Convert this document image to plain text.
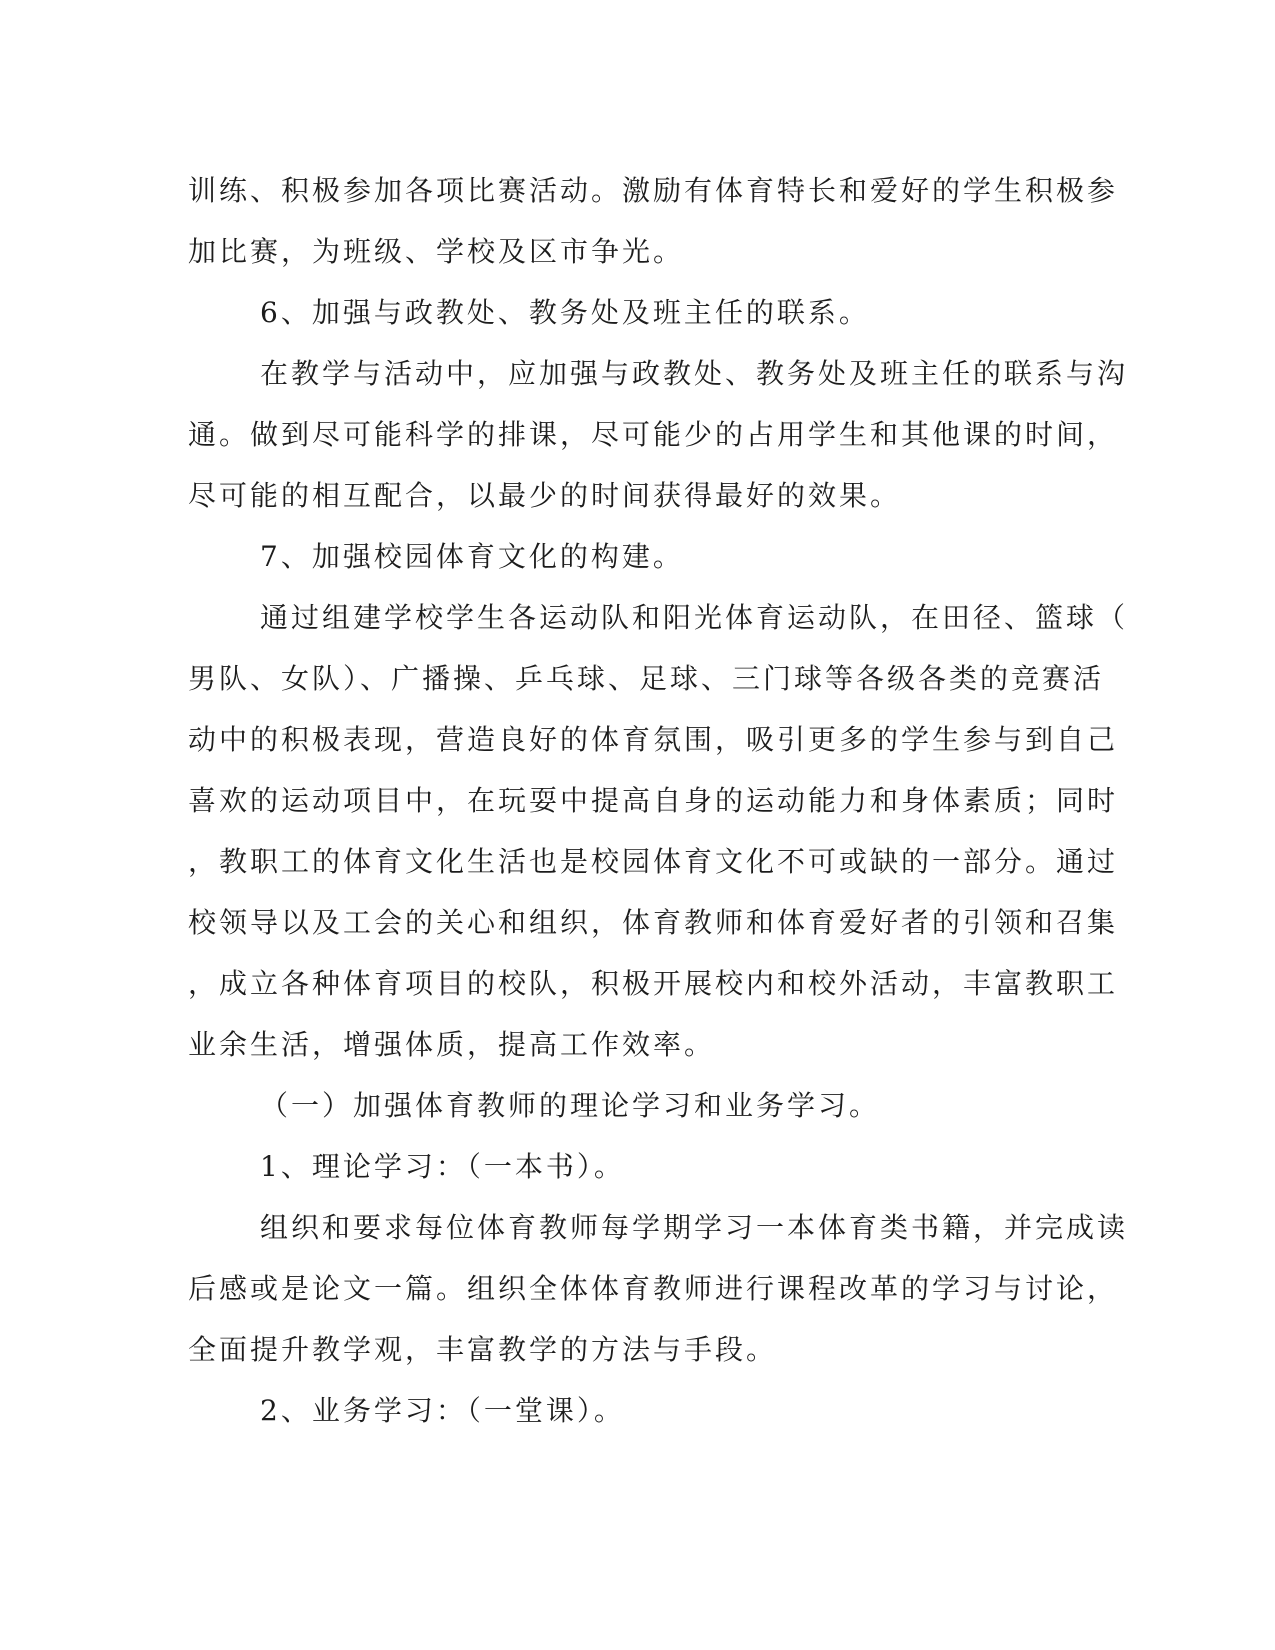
训练、积极参加各项比赛活动。激励有体育特长和爱好的学生积极参
加比赛，为班级、学校及区市争光。
6、加强与政教处、教务处及班主任的联系。
在教学与活动中，应加强与政教处、教务处及班主任的联系与沟
通。做到尽可能科学的排课，尽可能少的占用学生和其他课的时间，
尽可能的相互配合，以最少的时间获得最好的效果。
7、加强校园体育文化的构建。
通过组建学校学生各运动队和阳光体育运动队，在田径、篮球（
男队、女队）、广播操、乒乓球、足球、三门球等各级各类的竞赛活
动中的积极表现，营造良好的体育氛围，吸引更多的学生参与到自己
喜欢的运动项目中，在玩耍中提高自身的运动能力和身体素质；同时
，教职工的体育文化生活也是校园体育文化不可或缺的一部分。通过
校领导以及工会的关心和组织，体育教师和体育爱好者的引领和召集
，成立各种体育项目的校队，积极开展校内和校外活动，丰富教职工
业余生活，增强体质，提高工作效率。
（一）加强体育教师的理论学习和业务学习。
1、理论学习：（一本书）。
组织和要求每位体育教师每学期学习一本体育类书籍，并完成读
后感或是论文一篇。组织全体体育教师进行课程改革的学习与讨论，
全面提升教学观，丰富教学的方法与手段。
2、业务学习：（一堂课）。
